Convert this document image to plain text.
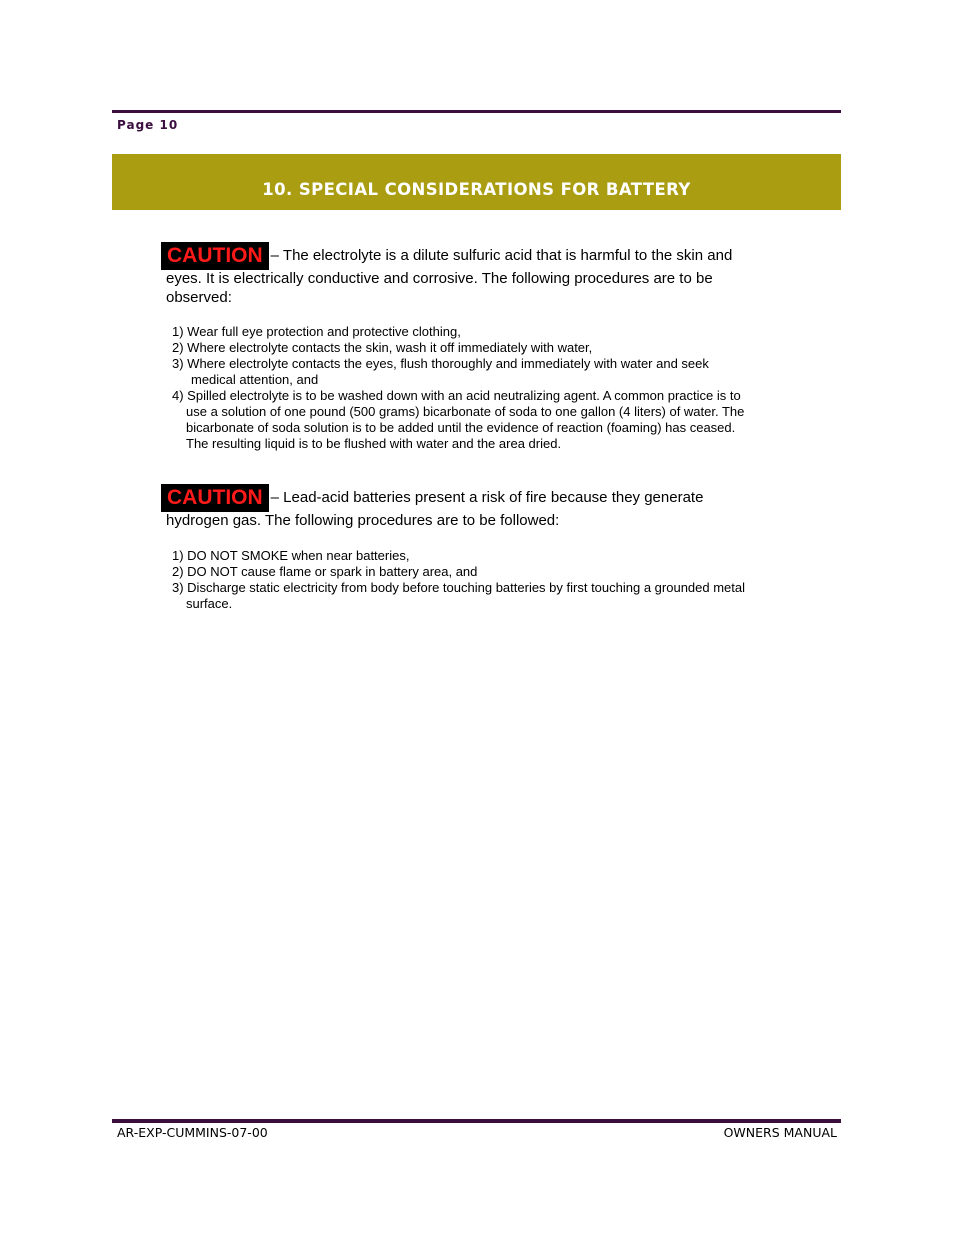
Page 10
10. SPECIAL CONSIDERATIONS FOR BATTERY
CAUTION – The electrolyte is a dilute sulfuric acid that is harmful to the skin and eyes. It is electrically conductive and corrosive. The following procedures are to be observed:
1) Wear full eye protection and protective clothing,
2) Where electrolyte contacts the skin, wash it off immediately with water,
3) Where electrolyte contacts the eyes, flush thoroughly and immediately with water and seek medical attention, and
4) Spilled electrolyte is to be washed down with an acid neutralizing agent. A common practice is to use a solution of one pound (500 grams) bicarbonate of soda to one gallon (4 liters) of water. The bicarbonate of soda solution is to be added until the evidence of reaction (foaming) has ceased. The resulting liquid is to be flushed with water and the area dried.
CAUTION – Lead-acid batteries present a risk of fire because they generate hydrogen gas. The following procedures are to be followed:
1) DO NOT SMOKE when near batteries,
2) DO NOT cause flame or spark in battery area, and
3) Discharge static electricity from body before touching batteries by first touching a grounded metal surface.
AR-EXP-CUMMINS-07-00	OWNERS MANUAL
